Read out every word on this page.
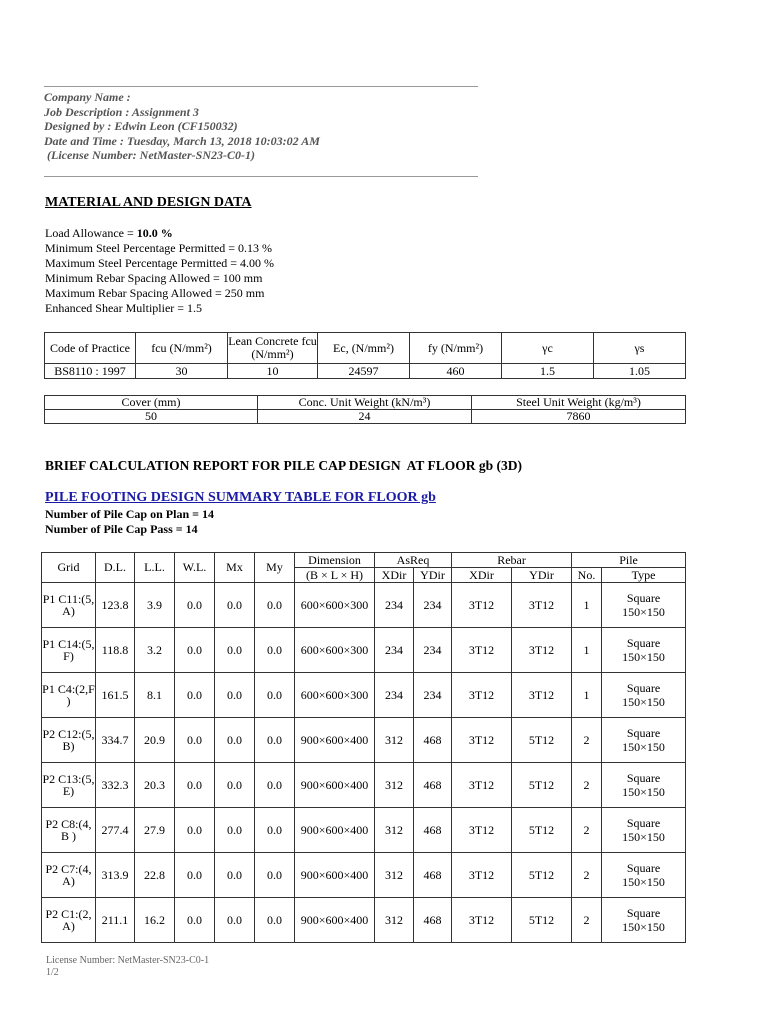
Company Name :
Job Description : Assignment 3
Designed by : Edwin Leon (CF150032)
Date and Time : Tuesday, March 13, 2018 10:03:02 AM
(License Number: NetMaster-SN23-C0-1)
MATERIAL AND DESIGN DATA
Load Allowance = 10.0 %
Minimum Steel Percentage Permitted = 0.13 %
Maximum Steel Percentage Permitted = 4.00 %
Minimum Rebar Spacing Allowed = 100 mm
Maximum Rebar Spacing Allowed = 250 mm
Enhanced Shear Multiplier = 1.5
Code of Practice	fcu (N/mm²)	Lean Concrete fcu (N/mm²)	Ec, (N/mm²)	fy (N/mm²)	γc	γs
BS8110 : 1997	30	10	24597	460	1.5	1.05
Cover (mm)	Conc. Unit Weight (kN/m³)	Steel Unit Weight (kg/m³)
50	24	7860
BRIEF CALCULATION REPORT FOR PILE CAP DESIGN  AT FLOOR gb (3D)
PILE FOOTING DESIGN SUMMARY TABLE FOR FLOOR gb
Number of Pile Cap on Plan = 14
Number of Pile Cap Pass = 14
Grid	D.L.	L.L.	W.L.	Mx	My	Dimension	AsReq		Rebar		Pile	
						(B × L × H)	XDir	YDir	XDir	YDir	No.	Type
P1 C11:(5, A)	123.8	3.9	0.0	0.0	0.0	600×600×300	234	234	3T12	3T12	1	Square
150×150

P1 C14:(5, F)	118.8	3.2	0.0	0.0	0.0	600×600×300	234	234	3T12	3T12	1	Square
150×150

P1 C4:(2,F )	161.5	8.1	0.0	0.0	0.0	600×600×300	234	234	3T12	3T12	1	Square
150×150

P2 C12:(5, B)	334.7	20.9	0.0	0.0	0.0	900×600×400	312	468	3T12	5T12	2	Square
150×150

P2 C13:(5, E)	332.3	20.3	0.0	0.0	0.0	900×600×400	312	468	3T12	5T12	2	Square
150×150

P2 C8:(4,B )	277.4	27.9	0.0	0.0	0.0	900×600×400	312	468	3T12	5T12	2	Square
150×150

P2 C7:(4, A)	313.9	22.8	0.0	0.0	0.0	900×600×400	312	468	3T12	5T12	2	Square
150×150

P2 C1:(2, A)	211.1	16.2	0.0	0.0	0.0	900×600×400	312	468	3T12	5T12	2	Square
150×150
License Number: NetMaster-SN23-C0-1
1/2
